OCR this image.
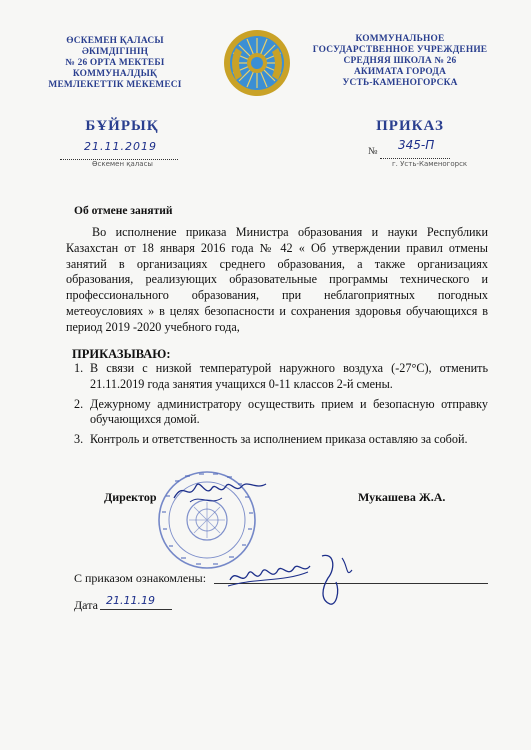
ӨСКЕМЕН ҚАЛАСЫ
ӘКІМДІГІНІҢ
№ 26 ОРТА МЕКТЕБІ
КОММУНАЛДЫҚ
МЕМЛЕКЕТТІК МЕКЕМЕСІ
КОММУНАЛЬНОЕ
ГОСУДАРСТВЕННОЕ УЧРЕЖДЕНИЕ
СРЕДНЯЯ ШКОЛА № 26
АКИМАТА ГОРОДА
УСТЬ-КАМЕНОГОРСКА
БҰЙРЫҚ	ПРИКАЗ
21.11.2019
Өскемен қаласы
№ 345-П
г. Усть-Каменогорск
Об отмене занятий

Во исполнение приказа Министра образования и науки Республики Казахстан от 18 января 2016 года № 42 « Об утверждении правил отмены занятий в организациях среднего образования, а также организациях образования, реализующих образовательные программы технического и профессионального образования, при неблагоприятных погодных метеоусловиях » в целях безопасности и сохранения здоровья обучающихся в период 2019 -2020 учебного года,

ПРИКАЗЫВАЮ:
1. В связи с низкой температурой наружного воздуха (-27°С), отменить 21.11.2019 года занятия учащихся 0-11 классов 2-й смены.
2. Дежурному администратору осуществить прием и безопасную отправку обучающихся домой.
3. Контроль и ответственность за исполнением приказа оставляю за собой.
Директор	Мукашева Ж.А.
С приказом ознакомлены:
Дата 21.11.19
